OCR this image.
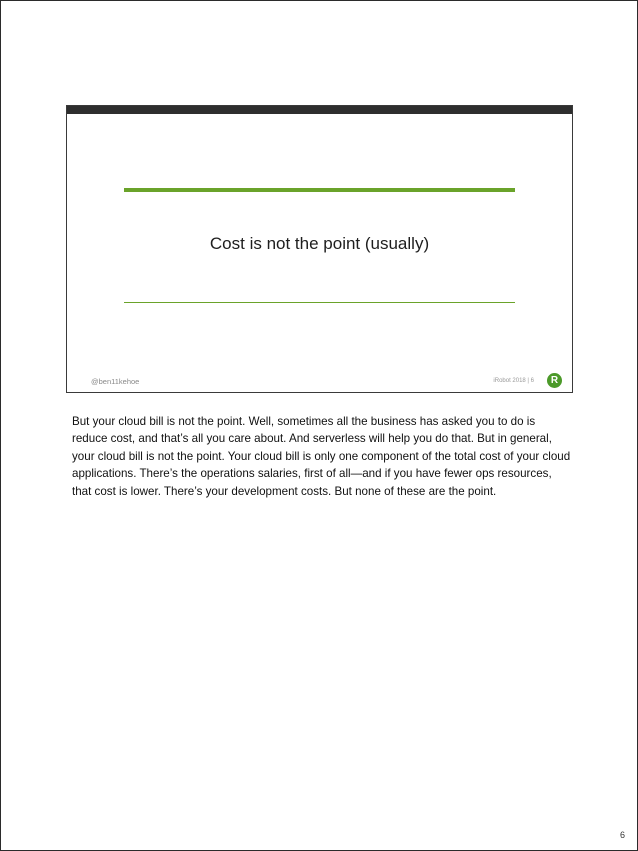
Cost is not the point (usually)
@ben11kehoe	iRobot 2018 | 6	R

But your cloud bill is not the point. Well, sometimes all the business has asked you to do is reduce cost, and that’s all you care about. And serverless will help you do that. But in general, your cloud bill is not the point. Your cloud bill is only one component of the total cost of your cloud applications. There’s the operations salaries, first of all—and if you have fewer ops resources, that cost is lower. There’s your development costs. But none of these are the point.

6
